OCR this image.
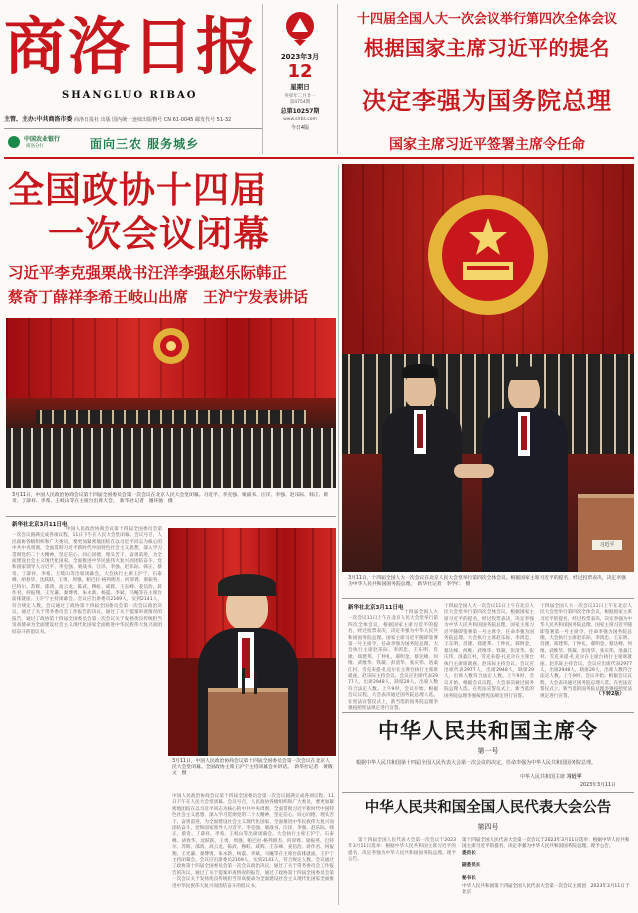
商洛日报
SHANGLUO RIBAO
主管、主办:中共商洛市委 商洛日报社 出版 国内统一连续出版物号 CN 61-0045 邮发代号 51-32
中国农业银行
商洛分行	面向三农 服务城乡
2023年3月
12
星期日
癸卯年二月廿一
第4754期
总第10257期
www.slrbs.com
今日4版
十四届全国人大一次会议举行第四次全体会议
根据国家主席习近平的提名
决定李强为国务院总理
国家主席习近平签署主席令任命
全国政协十四届
一次会议闭幕
习近平李克强栗战书汪洋李强赵乐际韩正
蔡奇丁薛祥李希王岐山出席　王沪宁发表讲话
3月11日，中国人民政治协商会议第十四届全国委员会第一次会议在北京人民大会堂闭幕。习近平、李克强、栗战书、汪洋、李强、赵乐际、韩正、蔡奇、丁薛祥、李希、王岐山等在主席台出席大会。　新华社记者　谢环驰　摄
新华社北京3月11日电
中国人民政治协商会议第十四届全国委员会第一次会议圆满完成各项议程，11日下午在人民大会堂闭幕。会议号召，人民政协各级组织和广大委员，要更加紧密地团结在以习近平同志为核心的中共中央周围，全面贯彻习近平新时代中国特色社会主义思想，深入学习贯彻党的二十大精神，坚定信心、同心同德，埋头苦干、奋勇前进，为全面建设社会主义现代化国家、全面推进中华民族伟大复兴而团结奋斗。党和国家领导人习近平、李克强、栗战书、汪洋、李强、赵乐际、韩正、蔡奇、丁薛祥、李希、王岐山等出席闭幕会。大会执行主席王沪宁、石泰峰、胡春华、沈跃跃、王勇、周强、帕巴拉·格列朗杰、何厚铧、梁振英、巴特尔、苏辉、邵鸿、高云龙、陈武、穆虹、咸辉、王东峰、姜信治、蒋作君、何报翔、王光谦、秦博勇、朱永新、杨震、李斌、马飚等在主席台前排就座。王沪宁主持闭幕会。会议应出席委员2169人，实到2141人，符合规定人数。会议通过了政协第十四届全国委员会第一次会议政治决议，通过了关于常务委员会工作报告的决议，通过了关于提案审查情况的报告，通过了政协第十四届全国委员会第一次会议关于发扬优良传统担当崇高使命为全面建设社会主义现代化国家全面推进中华民族伟大复兴而团结奋斗的倡议书。
3月11日，中国人民政治协商会议第十四届全国委员会第一次会议在北京人民大会堂闭幕。全国政协主席王沪宁主持闭幕会并讲话。　新华社记者　黄敬文　摄
中国人民政治协商会议第十四届全国委员会第一次会议圆满完成各项议程，11日下午在人民大会堂闭幕。会议号召，人民政协各级组织和广大委员，要更加紧密地团结在以习近平同志为核心的中共中央周围，全面贯彻习近平新时代中国特色社会主义思想，深入学习贯彻党的二十大精神，坚定信心、同心同德，埋头苦干、奋勇前进，为全面建设社会主义现代化国家、全面推进中华民族伟大复兴而团结奋斗。党和国家领导人习近平、李克强、栗战书、汪洋、李强、赵乐际、韩正、蔡奇、丁薛祥、李希、王岐山等出席闭幕会。大会执行主席王沪宁、石泰峰、胡春华、沈跃跃、王勇、周强、帕巴拉·格列朗杰、何厚铧、梁振英、巴特尔、苏辉、邵鸿、高云龙、陈武、穆虹、咸辉、王东峰、姜信治、蒋作君、何报翔、王光谦、秦博勇、朱永新、杨震、李斌、马飚等在主席台前排就座。王沪宁主持闭幕会。会议应出席委员2169人，实到2141人，符合规定人数。会议通过了政协第十四届全国委员会第一次会议政治决议，通过了关于常务委员会工作报告的决议，通过了关于提案审查情况的报告，通过了政协第十四届全国委员会第一次会议关于发扬优良传统担当崇高使命为全面建设社会主义现代化国家全面推进中华民族伟大复兴而团结奋斗的倡议书。
习近平
3月11日，十四届全国人大一次会议在北京人民大会堂举行第四次全体会议。根据国家主席习近平的提名，经过投票表决，决定李强为中华人民共和国国务院总理。　新华社记者　李学仁　摄
新华社北京3月11日电
十四届全国人大一次会议11日上午在北京人民大会堂举行第四次全体会议，根据国家主席习近平的提名，经过投票表决，决定李强为中华人民共和国国务院总理。国家主席习近平随即签署第一号主席令，任命李强为国务院总理。大会执行主席赵乐际、李鸿忠、王东明、肖捷、郑建邦、丁仲礼、郝明金、蔡达峰、何维、武维华、铁凝、彭清华、张庆伟、洛桑江村、雪克来提·扎克尔在主席台执行主席席就座。赵乐际主持会议。会议应出席代表2977人，出席2948人，缺席29人，出席人数符合法定人数。上午9时，会议开始。根据会议议程，大会表决通过国务院总理人选。在宪法宣誓仪式上，新当选的国务院总理李强按照宪法规定进行宣誓。
十四届全国人大一次会议11日上午在北京人民大会堂举行第四次全体会议，根据国家主席习近平的提名，经过投票表决，决定李强为中华人民共和国国务院总理。国家主席习近平随即签署第一号主席令，任命李强为国务院总理。大会执行主席赵乐际、李鸿忠、王东明、肖捷、郑建邦、丁仲礼、郝明金、蔡达峰、何维、武维华、铁凝、彭清华、张庆伟、洛桑江村、雪克来提·扎克尔在主席台执行主席席就座。赵乐际主持会议。会议应出席代表2977人，出席2948人，缺席29人，出席人数符合法定人数。上午9时，会议开始。根据会议议程，大会表决通过国务院总理人选。在宪法宣誓仪式上，新当选的国务院总理李强按照宪法规定进行宣誓。
十四届全国人大一次会议11日上午在北京人民大会堂举行第四次全体会议，根据国家主席习近平的提名，经过投票表决，决定李强为中华人民共和国国务院总理。国家主席习近平随即签署第一号主席令，任命李强为国务院总理。大会执行主席赵乐际、李鸿忠、王东明、肖捷、郑建邦、丁仲礼、郝明金、蔡达峰、何维、武维华、铁凝、彭清华、张庆伟、洛桑江村、雪克来提·扎克尔在主席台执行主席席就座。赵乐际主持会议。会议应出席代表2977人，出席2948人，缺席29人，出席人数符合法定人数。上午9时，会议开始。根据会议议程，大会表决通过国务院总理人选。在宪法宣誓仪式上，新当选的国务院总理李强按照宪法规定进行宣誓。	（下转2版）
中华人民共和国主席令
第一号
根据中华人民共和国第十四届全国人民代表大会第一次会议的决定，任命李强为中华人民共和国国务院总理。
中华人民共和国主席 习近平
2023年3月11日
中华人民共和国全国人民代表大会公告
第四号
第十四届全国人民代表大会第一次会议于2023年3月11日选举：根据中华人民共和国主席习近平的提名，决定李强为中华人民共和国国务院总理。现予公告。
第十四届全国人民代表大会第一次会议于2023年3月11日选举：根据中华人民共和国主席习近平的提名，决定李强为中华人民共和国国务院总理。现予公告。
委员长
副委员长
秘书长
中华人民共和国第十四届全国人民代表大会第一次会议主席团　2023年3月11日于北京
